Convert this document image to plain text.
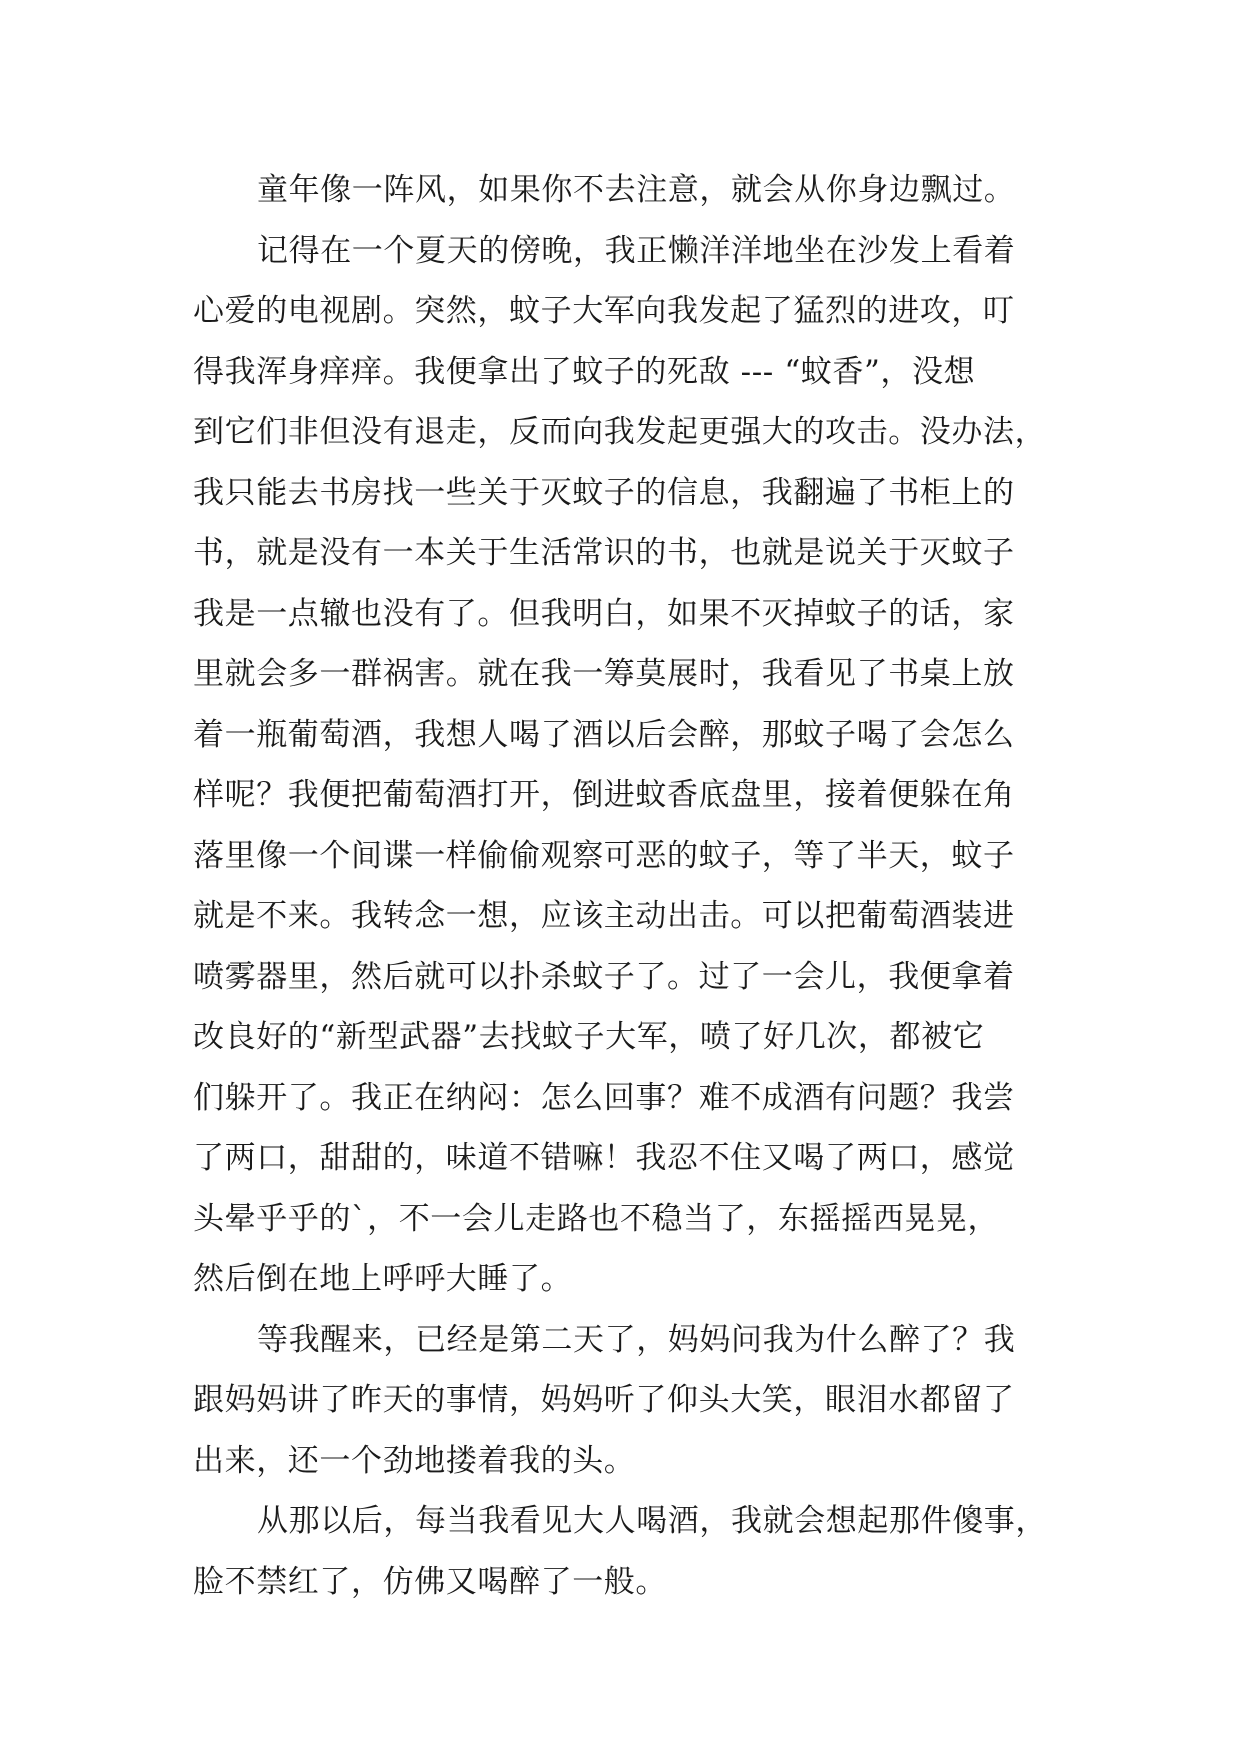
童年像一阵风，如果你不去注意，就会从你身边飘过。
记得在一个夏天的傍晚，我正懒洋洋地坐在沙发上看着
心爱的电视剧。突然，蚊子大军向我发起了猛烈的进攻，叮
得我浑身痒痒。我便拿出了蚊子的死敌 --- “蚊香”，没想
到它们非但没有退走，反而向我发起更强大的攻击。没办法，
我只能去书房找一些关于灭蚊子的信息，我翻遍了书柜上的
书，就是没有一本关于生活常识的书，也就是说关于灭蚊子
我是一点辙也没有了。但我明白，如果不灭掉蚊子的话，家
里就会多一群祸害。就在我一筹莫展时，我看见了书桌上放
着一瓶葡萄酒，我想人喝了酒以后会醉，那蚊子喝了会怎么
样呢？我便把葡萄酒打开，倒进蚊香底盘里，接着便躲在角
落里像一个间谍一样偷偷观察可恶的蚊子，等了半天，蚊子
就是不来。我转念一想，应该主动出击。可以把葡萄酒装进
喷雾器里，然后就可以扑杀蚊子了。过了一会儿，我便拿着
改良好的“新型武器”去找蚊子大军，喷了好几次，都被它
们躲开了。我正在纳闷：怎么回事？难不成酒有问题？我尝
了两口，甜甜的，味道不错嘛！我忍不住又喝了两口，感觉
头晕乎乎的`，不一会儿走路也不稳当了，东摇摇西晃晃，
然后倒在地上呼呼大睡了。
等我醒来，已经是第二天了，妈妈问我为什么醉了？我
跟妈妈讲了昨天的事情，妈妈听了仰头大笑，眼泪水都留了
出来，还一个劲地搂着我的头。
从那以后，每当我看见大人喝酒，我就会想起那件傻事，
脸不禁红了，仿佛又喝醉了一般。
